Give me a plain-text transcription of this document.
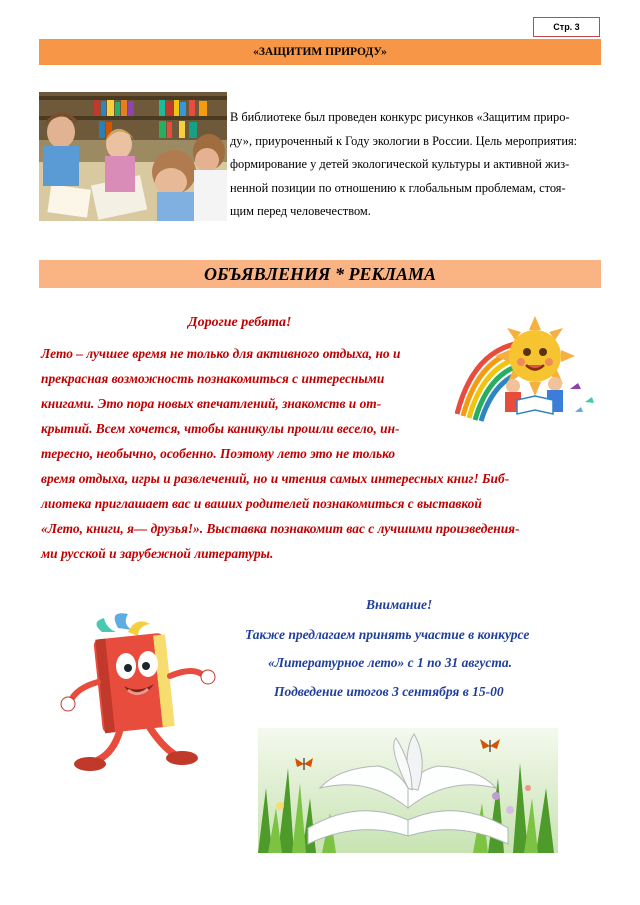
Стр. 3
«ЗАЩИТИМ ПРИРОДУ»
В библиотеке был проведен конкурс рисунков «Защитим приро-
ду», приуроченный к Году экологии в России. Цель мероприятия:
формирование у детей экологической культуры и активной жиз-
ненной позиции по отношению к глобальным проблемам, стоя-
щим перед человечеством.
ОБЪЯВЛЕНИЯ * РЕКЛАМА
Дорогие ребята!
Лето – лучшее время не только для активного отдыха, но и
прекрасная возможность познакомиться с интересными
книгами. Это пора новых впечатлений, знакомств и от-
крытий. Всем хочется, чтобы каникулы прошли весело, ин-
тересно, необычно, особенно. Поэтому лето это не только
время отдыха, игры и развлечений, но и чтения самых интересных книг! Биб-
лиотека приглашает вас и ваших родителей познакомиться с выставкой
«Лето, книги, я— друзья!». Выставка познакомит вас с лучшими произведения-
ми русской и зарубежной литературы.
Внимание!
Также предлагаем принять участие в конкурсе
«Литературное лето» с 1 по 31 августа.
Подведение итогов 3 сентября в 15-00
